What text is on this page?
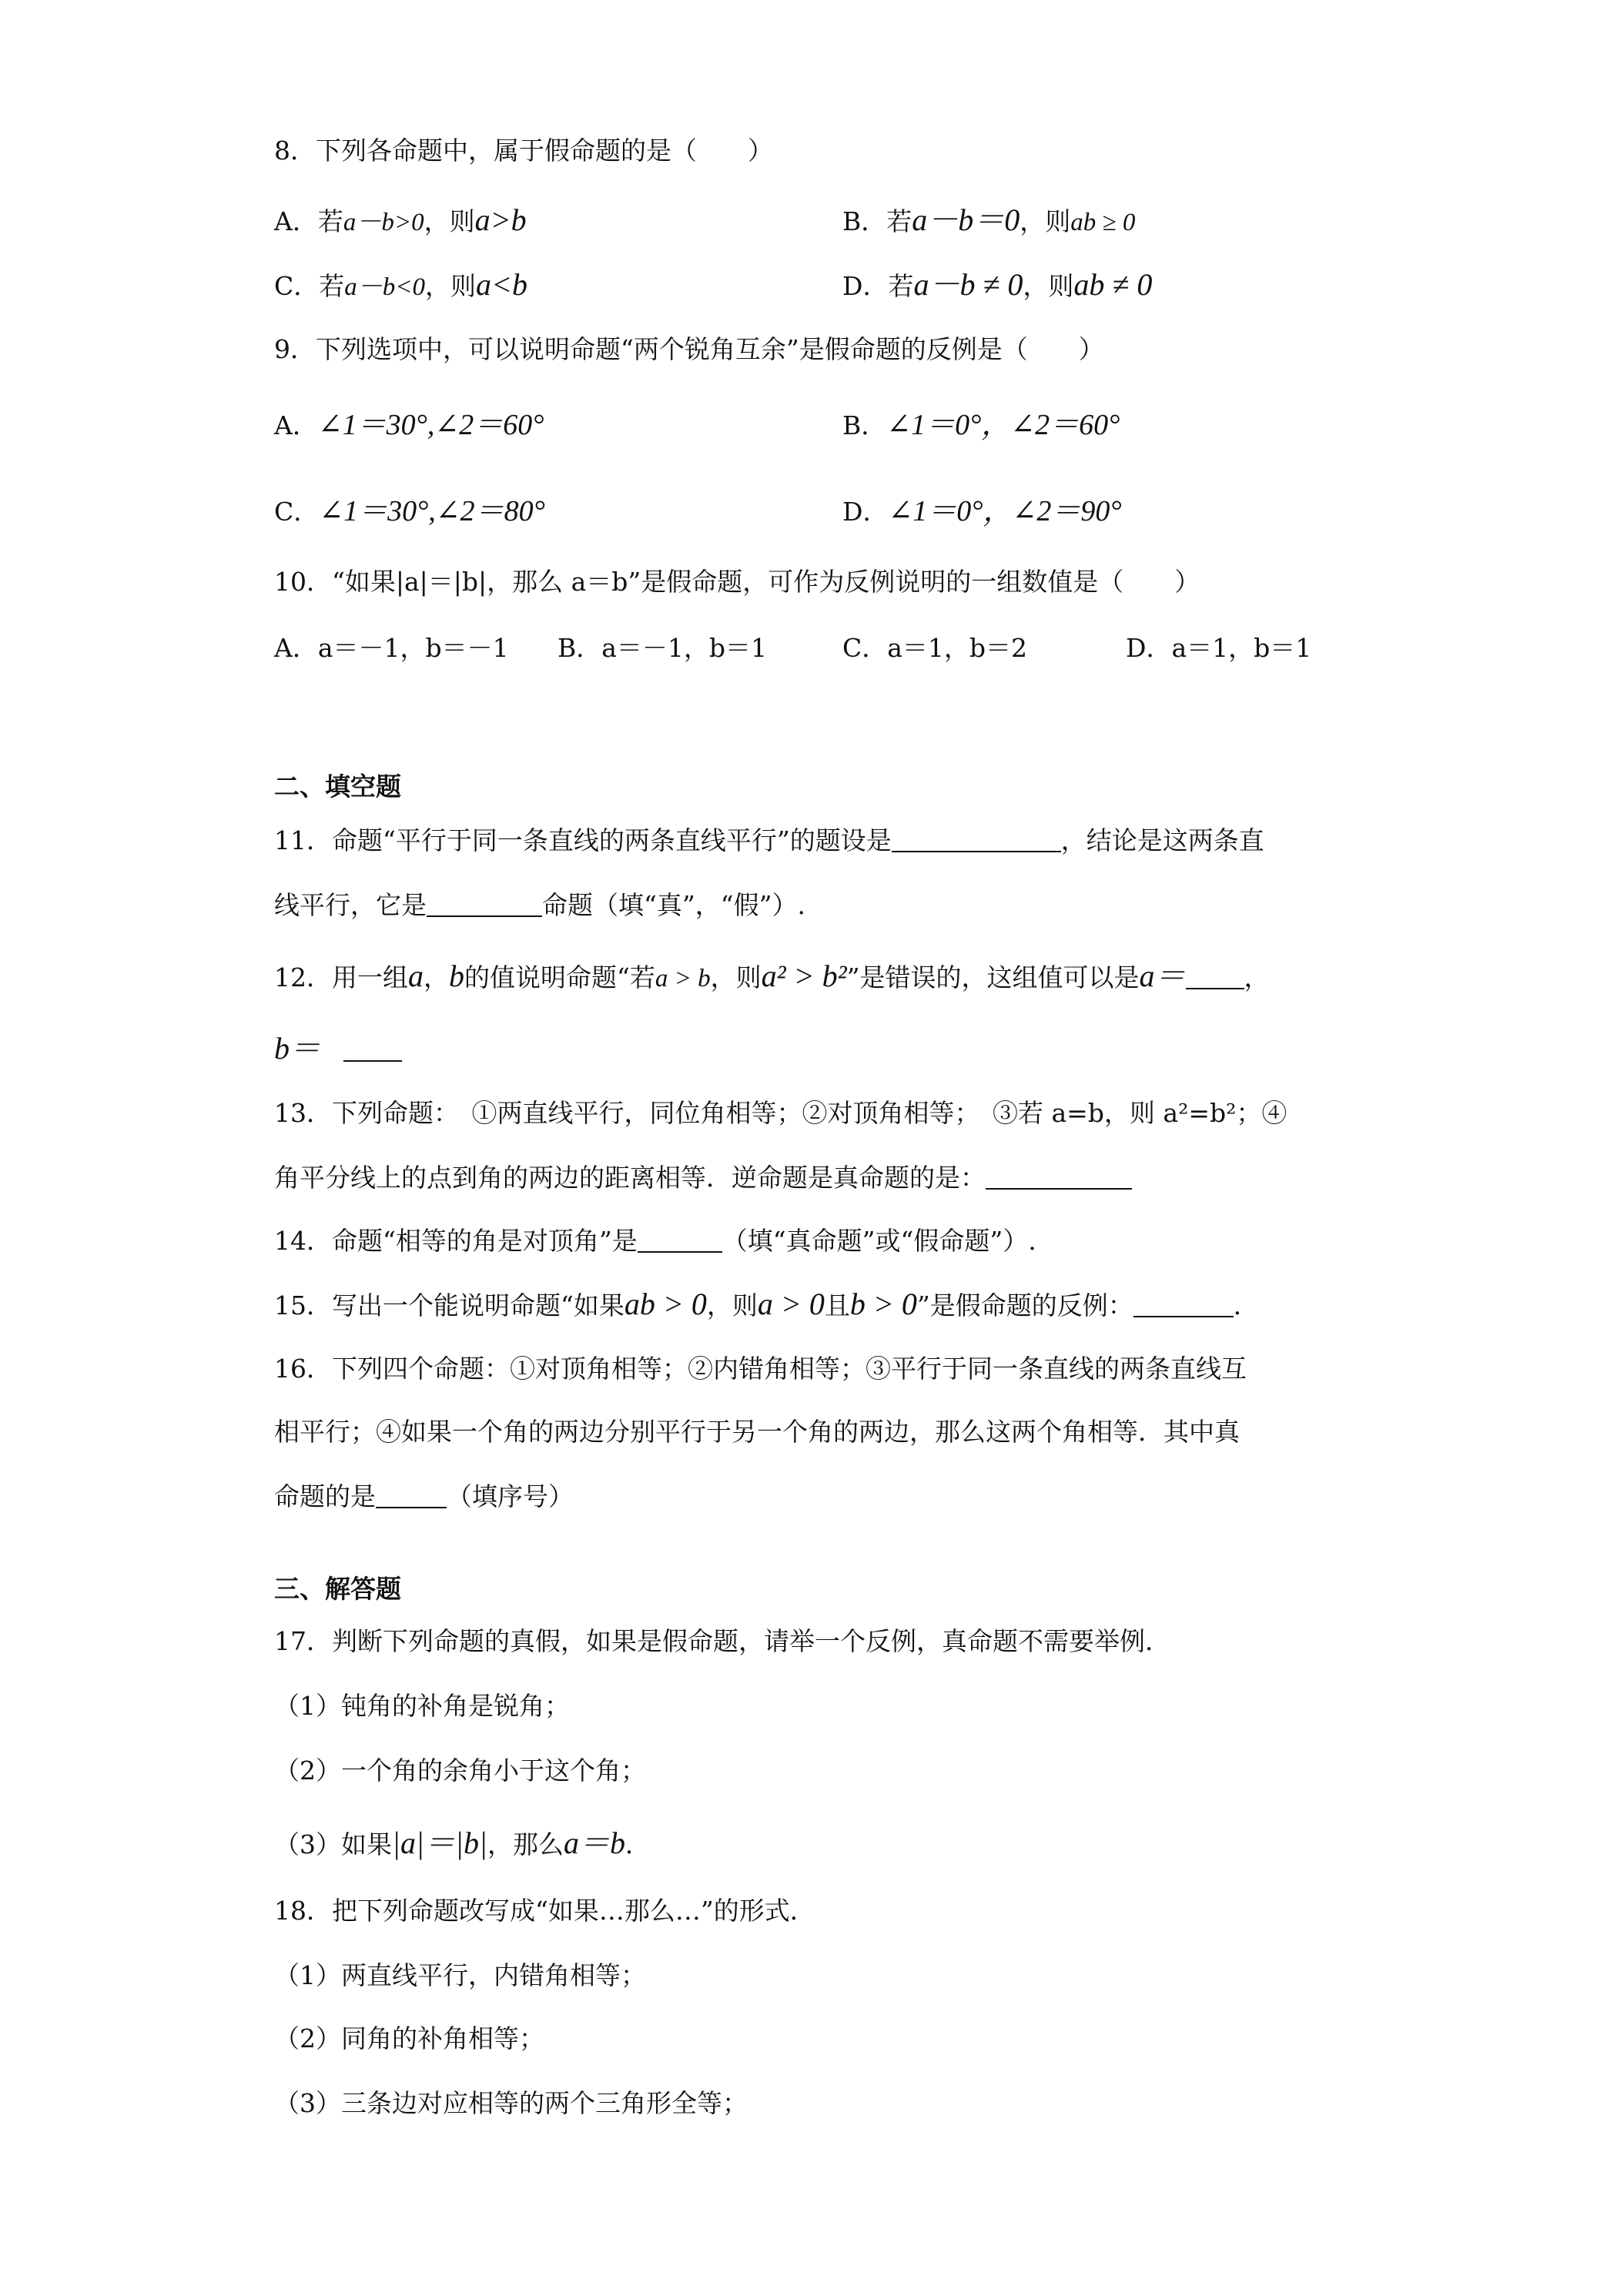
8．下列各命题中，属于假命题的是（　　）
A．若a－b>0，则a>b	B．若a－b＝0，则ab ≥ 0
C．若a－b<0，则a<b	D．若a－b ≠ 0，则ab ≠ 0
9．下列选项中，可以说明命题“两个锐角互余”是假命题的反例是（　　）
A．∠1＝30°,∠2＝60°	B．∠1＝0°，∠2＝60°
C．∠1＝30°,∠2＝80°	D．∠1＝0°，∠2＝90°
10．“如果|a|＝|b|，那么 a＝b”是假命题，可作为反例说明的一组数值是（　　）
A．a＝－1，b＝－1 B．a＝－1，b＝1	C．a＝1，b＝2	D．a＝1，b＝1
二、填空题
11．命题“平行于同一条直线的两条直线平行”的题设是	，结论是这两条直
线平行，它是	命题（填“真”，“假”）.
12．用一组a，b的值说明命题“若a > b，则a² > b²”是错误的，这组值可以是a＝ ，
b＝
13．下列命题：　①两直线平行，同位角相等；②对顶角相等；　③若 a=b，则 a²=b²；④
角平分线上的点到角的两边的距离相等．逆命题是真命题的是：
14．命题“相等的角是对顶角”是	（填“真命题”或“假命题”）.
15．写出一个能说明命题“如果ab > 0，则a > 0且b > 0”是假命题的反例：	．
16．下列四个命题：①对顶角相等；②内错角相等；③平行于同一条直线的两条直线互
相平行；④如果一个角的两边分别平行于另一个角的两边，那么这两个角相等．其中真
命题的是	（填序号）
三、解答题
17．判断下列命题的真假，如果是假命题，请举一个反例，真命题不需要举例．
（1）钝角的补角是锐角；
（2）一个角的余角小于这个角；
（3）如果|a|＝|b|，那么a＝b．
18．把下列命题改写成“如果…那么…”的形式．
（1）两直线平行，内错角相等；
（2）同角的补角相等；
（3）三条边对应相等的两个三角形全等；
